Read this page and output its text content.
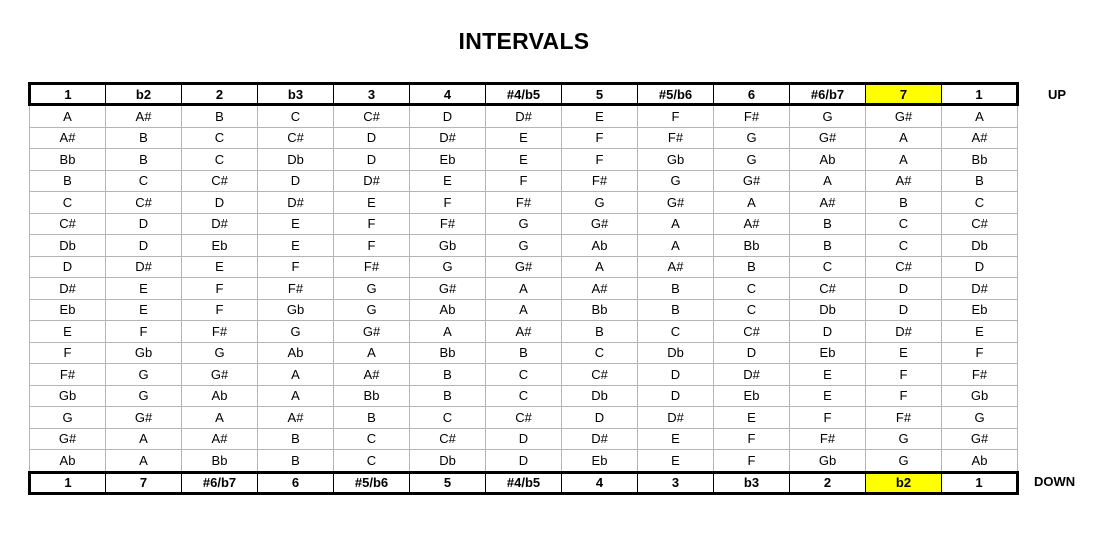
INTERVALS
1	b2	2	b3	3	4	#4/b5	5	#5/b6	6	#6/b7	7	1
A	A#	B	C	C#	D	D#	E	F	F#	G	G#	A
A#	B	C	C#	D	D#	E	F	F#	G	G#	A	A#
Bb	B	C	Db	D	Eb	E	F	Gb	G	Ab	A	Bb
B	C	C#	D	D#	E	F	F#	G	G#	A	A#	B
C	C#	D	D#	E	F	F#	G	G#	A	A#	B	C
C#	D	D#	E	F	F#	G	G#	A	A#	B	C	C#
Db	D	Eb	E	F	Gb	G	Ab	A	Bb	B	C	Db
D	D#	E	F	F#	G	G#	A	A#	B	C	C#	D
D#	E	F	F#	G	G#	A	A#	B	C	C#	D	D#
Eb	E	F	Gb	G	Ab	A	Bb	B	C	Db	D	Eb
E	F	F#	G	G#	A	A#	B	C	C#	D	D#	E
F	Gb	G	Ab	A	Bb	B	C	Db	D	Eb	E	F
F#	G	G#	A	A#	B	C	C#	D	D#	E	F	F#
Gb	G	Ab	A	Bb	B	C	Db	D	Eb	E	F	Gb
G	G#	A	A#	B	C	C#	D	D#	E	F	F#	G
G#	A	A#	B	C	C#	D	D#	E	F	F#	G	G#
Ab	A	Bb	B	C	Db	D	Eb	E	F	Gb	G	Ab
1	7	#6/b7	6	#5/b6	5	#4/b5	4	3	b3	2	b2	1
UP
DOWN
